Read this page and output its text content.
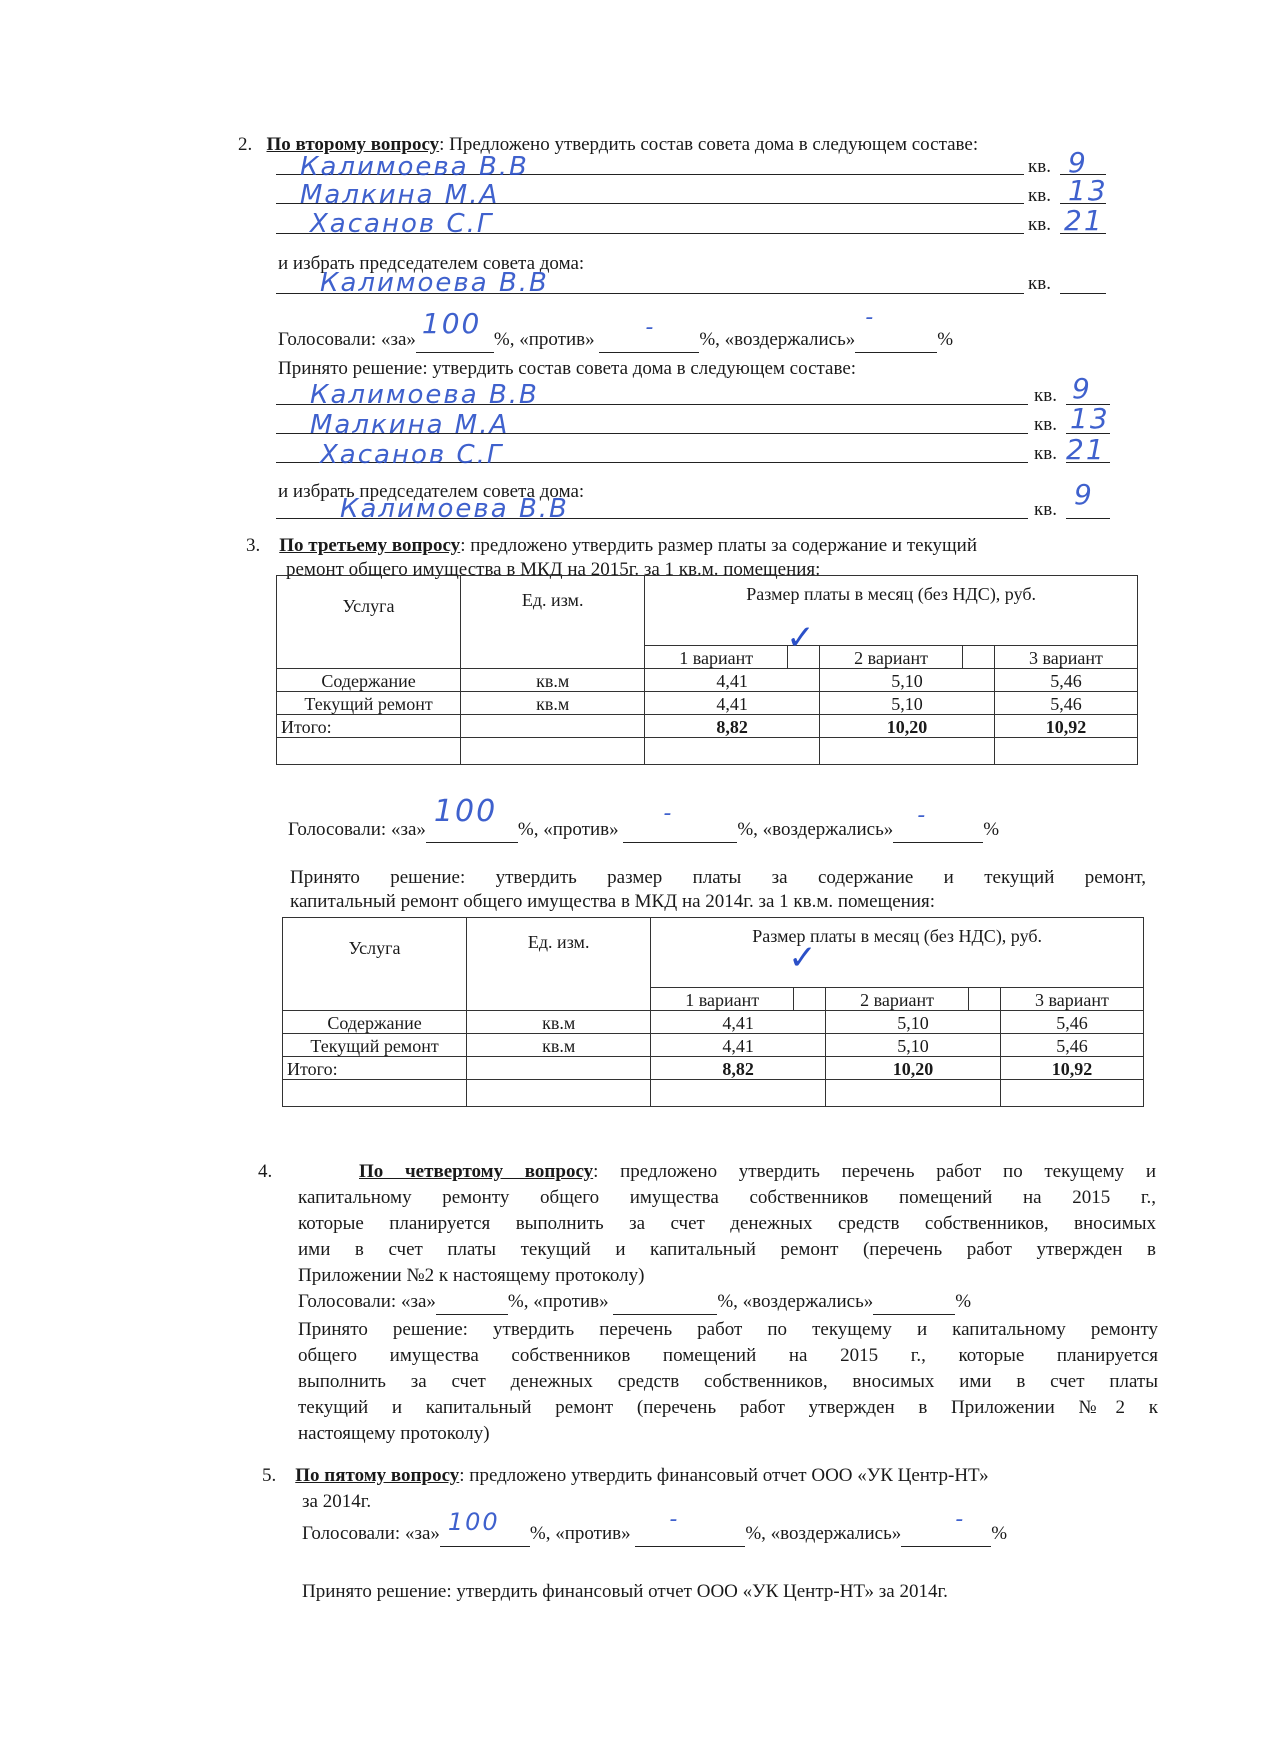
2. По второму вопросу: Предложено утвердить состав совета дома в следующем составе:
Калимоева В.В	кв. 9
Малкина М.А	кв. 13
Хасанов С.Г	кв. 21
и избрать председателем совета дома:
Калимоева В.В	кв.
Голосовали: «за» 100 %, «против» - %, «воздержались»
-
%
Принято решение: утвердить состав совета дома в следующем составе:
Калимоева В.В	кв. 9
Малкина М.А	кв. 13
Хасанов С.Г	кв. 21
и избрать председателем совета дома:
Калимоева В.В	кв. 9
3. По третьему вопросу: предложено утвердить размер платы за содержание и текущий
ремонт общего имущества в МКД на 2015г. за 1 кв.м. помещения:
Услуга	Ед. изм.	Размер платы в месяц (без НДС), руб.				
		1 вариант	✓	2 вариант		3 вариант
Содержание	кв.м	4,41		5,10		5,46
Текущий ремонт	кв.м	4,41		5,10		5,46
Итого:		8,82		10,20		10,92

Голосовали: «за»
100
%, «против»
-
%, «воздержались»
-
%
Принято решение: утвердить размер платы за содержание и текущий ремонт,
капитальный ремонт общего имущества в МКД на 2014г. за 1 кв.м. помещения:
Услуга	Ед. изм.	Размер платы в месяц (без НДС), руб.				
		1 вариант	✓	2 вариант		3 вариант
Содержание	кв.м	4,41		5,10		5,46
Текущий ремонт	кв.м	4,41		5,10		5,46
Итого:		8,82		10,20		10,92

4.	По четвертому вопросу: предложено утвердить перечень работ по текущему и
капитальному ремонту общего имущества собственников помещений на 2015 г.,
которые планируется выполнить за счет денежных средств собственников, вносимых
ими в счет платы текущий и капитальный ремонт (перечень работ утвержден в
Приложении №2 к настоящему протоколу)
Голосовали: «за»	%, «против»	%, «воздержались»	%
Принято решение: утвердить перечень работ по текущему и капитальному ремонту
общего имущества собственников помещений на 2015 г., которые планируется
выполнить за счет денежных средств собственников, вносимых ими в счет платы
текущий и капитальный ремонт (перечень работ утвержден в Приложении №2 к
настоящему протоколу)
5. По пятому вопросу: предложено утвердить финансовый отчет ООО «УК Центр-НТ»
за 2014г.
Голосовали: «за» 100 %, «против»
-
%, «воздержались»
-
%
Принято решение: утвердить финансовый отчет ООО «УК Центр-НТ» за 2014г.
